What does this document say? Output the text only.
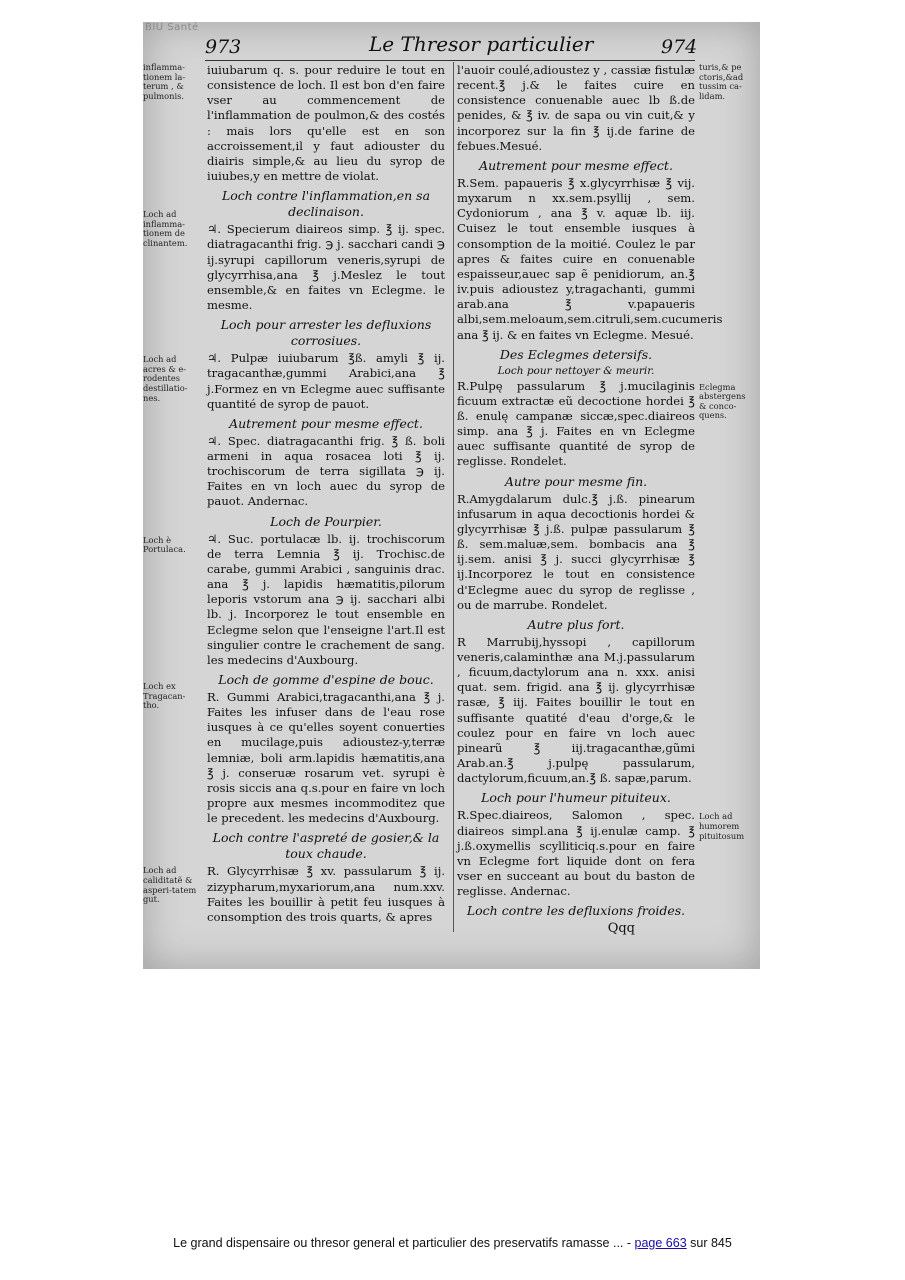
BIU Santé
973	Le Thresor particulier	974
inflamma-tionem la-terum , & pulmonis.

iuiubarum q. s. pour reduire le tout en consistence de loch. Il est bon d'en faire vser au commencement de l'inflammation de poulmon,& des costés : mais lors qu'elle est en son accroissement,il y faut adiouster du diairis simple,& au lieu du syrop de iuiubes,y en mettre de violat.

Loch contre l'inflammation,en sa declinaison.
Loch ad inflamma-tionem de clinantem.

♃. Specierum diaireos simp. ℥ ij. spec. diatragacanthi frig. ℈ j. sacchari candi ℈ ij.syrupi capillorum veneris,syrupi de glycyrrhisa,ana ℥ j.Meslez le tout ensemble,& en faites vn Eclegme. le mesme.

Loch pour arrester les defluxions corrosiues.
Loch ad acres & e-rodentes destillatio-nes.

♃. Pulpæ iuiubarum ℥ß. amyli ℥ ij. tragacanthæ,gummi Arabici,ana ℥ j.Formez en vn Eclegme auec suffisante quantité de syrop de pauot.

Autrement pour mesme effect.

♃. Spec. diatragacanthi frig. ℥ ß. boli armeni in aqua rosacea loti ℥ ij. trochiscorum de terra sigillata ℈ ij. Faites en vn loch auec du syrop de pauot. Andernac.

Loch de Pourpier.
Loch è Portulaca.

♃. Suc. portulacæ lb. ij. trochiscorum de terra Lemnia ℥ ij. Trochisc.de carabe, gummi Arabici , sanguinis drac. ana ℥ j. lapidis hæmatitis,pilorum leporis vstorum ana ℈ ij. sacchari albi lb. j. Incorporez le tout ensemble en Eclegme selon que l'enseigne l'art.Il est singulier contre le crachement de sang. les medecins d'Auxbourg.

Loch de gomme d'espine de bouc.
Loch ex Tragacan-tho.

R. Gummi Arabici,tragacanthi,ana ℥ j. Faites les infuser dans de l'eau rose iusques à ce qu'elles soyent conuerties en mucilage,puis adioustez-y,terræ lemniæ, boli arm.lapidis hæmatitis,ana ℥ j. conseruæ rosarum vet. syrupi è rosis siccis ana q.s.pour en faire vn loch propre aux mesmes incommoditez que le precedent. les medecins d'Auxbourg.

Loch contre l'aspreté de gosier,& la toux chaude.
Loch ad caliditatẽ & asperi-tatem gut.

R. Glycyrrhisæ ℥ xv. passularum ℥ ij. zizypharum,myxariorum,ana num.xxv. Faites les bouillir à petit feu iusques à consomption des trois quarts, & apres

turis,& pe ctoris,&ad tussim ca-lidam.

l'auoir coulé,adioustez y , cassiæ fistulæ recent.℥ j.& le faites cuire en consistence conuenable auec lb ß.de penides, & ℥ iv. de sapa ou vin cuit,& y incorporez sur la fin ℥ ij.de farine de febues.Mesué.

Autrement pour mesme effect.

R.Sem. papaueris ℥ x.glycyrrhisæ ℥ vij. myxarum n xx.sem.psyllij , sem. Cydoniorum , ana ℥ v. aquæ lb. iij. Cuisez le tout ensemble iusques à consomption de la moitié. Coulez le par apres & faites cuire en conuenable espaisseur,auec sap ẽ penidiorum, an.℥ iv.puis adioustez y,tragachanti, gummi arab.ana ℥ v.papaueris albi,sem.meloaum,sem.citruli,sem.cucumeris ana ℥ ij. & en faites vn Eclegme. Mesué.

Des Eclegmes detersifs.
Loch pour nettoyer & meurir.
Eclegma abstergens & conco-quens.

R.Pulpę passularum ℥ j.mucilaginis ficuum extractæ eũ decoctione hordei ℥ ß. enulę campanæ siccæ,spec.diaireos simp. ana ℥ j. Faites en vn Eclegme auec suffisante quantité de syrop de reglisse. Rondelet.

Autre pour mesme fin.

R.Amygdalarum dulc.℥ j.ß. pinearum infusarum in aqua decoctionis hordei & glycyrrhisæ ℥ j.ß. pulpæ passularum ℥ ß. sem.maluæ,sem. bombacis ana ℥ ij.sem. anisi ℥ j. succi glycyrrhisæ ℥ ij.Incorporez le tout en consistence d'Eclegme auec du syrop de reglisse , ou de marrube. Rondelet.

Autre plus fort.

R Marrubij,hyssopi , capillorum veneris,calaminthæ ana M.j.passularum , ficuum,dactylorum ana n. xxx. anisi quat. sem. frigid. ana ℥ ij. glycyrrhisæ rasæ, ℥ iij. Faites bouillir le tout en suffisante quatité d'eau d'orge,& le coulez pour en faire vn loch auec pinearũ ℥ iij.tragacanthæ,gũmi Arab.an.℥ j.pulpę passularum, dactylorum,ficuum,an.℥ ß. sapæ,parum.

Loch pour l'humeur pituiteux.
Loch ad humorem pituitosum

R.Spec.diaireos, Salomon , spec. diaireos simpl.ana ℥ ij.enulæ camp. ℥ j.ß.oxymellis scylliticiq.s.pour en faire vn Eclegme fort liquide dont on fera vser en succeant au bout du baston de reglisse. Andernac.

Loch contre les defluxions froides.
Qqq
Le grand dispensaire ou thresor general et particulier des preservatifs ramasse ... - page 663 sur 845
